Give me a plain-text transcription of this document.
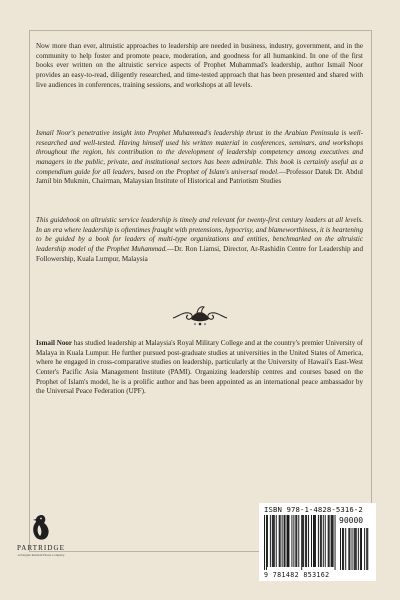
Now more than ever, altruistic approaches to leadership are needed in business, industry, government, and in the community to help foster and promote peace, moderation, and goodness for all humankind. In one of the first books ever written on the altruistic service aspects of Prophet Muhammad's leadership, author Ismail Noor provides an easy-to-read, diligently researched, and time-tested approach that has been presented and shared with live audiences in conferences, training sessions, and workshops at all levels.
Ismail Noor's penetrative insight into Prophet Muhammad's leadership thrust in the Arabian Peninsula is well-researched and well-tested. Having himself used his written material in conferences, seminars, and workshops throughout the region, his contribution to the development of leadership competency among executives and managers in the public, private, and institutional sectors has been admirable. This book is certainly useful as a compendium guide for all leaders, based on the Prophet of Islam's universal model.—Professor Datuk Dr. Abdul Jamil bin Mukmin, Chairman, Malaysian Institute of Historical and Patriotism Studies
This guidebook on altruistic service leadership is timely and relevant for twenty-first century leaders at all levels. In an era where leadership is oftentimes fraught with pretensions, hypocrisy, and blameworthiness, it is heartening to be guided by a book for leaders of multi-type organizations and entities, benchmarked on the altruistic leadership model of the Prophet Muhammad.—Dr. Ron Liamsi, Director, Ar-Rashidin Centre for Leadership and Followership, Kuala Lumpur, Malaysia
Ismail Noor has studied leadership at Malaysia's Royal Military College and at the country's premier University of Malaya in Kuala Lumpur. He further pursued post-graduate studies at universities in the United States of America, where he engaged in cross-comparative studies on leadership, particularly at the University of Hawaii's East-West Center's Pacific Asia Management Institute (PAMI). Organizing leadership centres and courses based on the Prophet of Islam's model, he is a prolific author and has been appointed as an international peace ambassador by the Universal Peace Federation (UPF).
PARTRIDGE
A Penguin Random House Company
ISBN 978-1-4828-5316-2
90000
9 781482 853162
